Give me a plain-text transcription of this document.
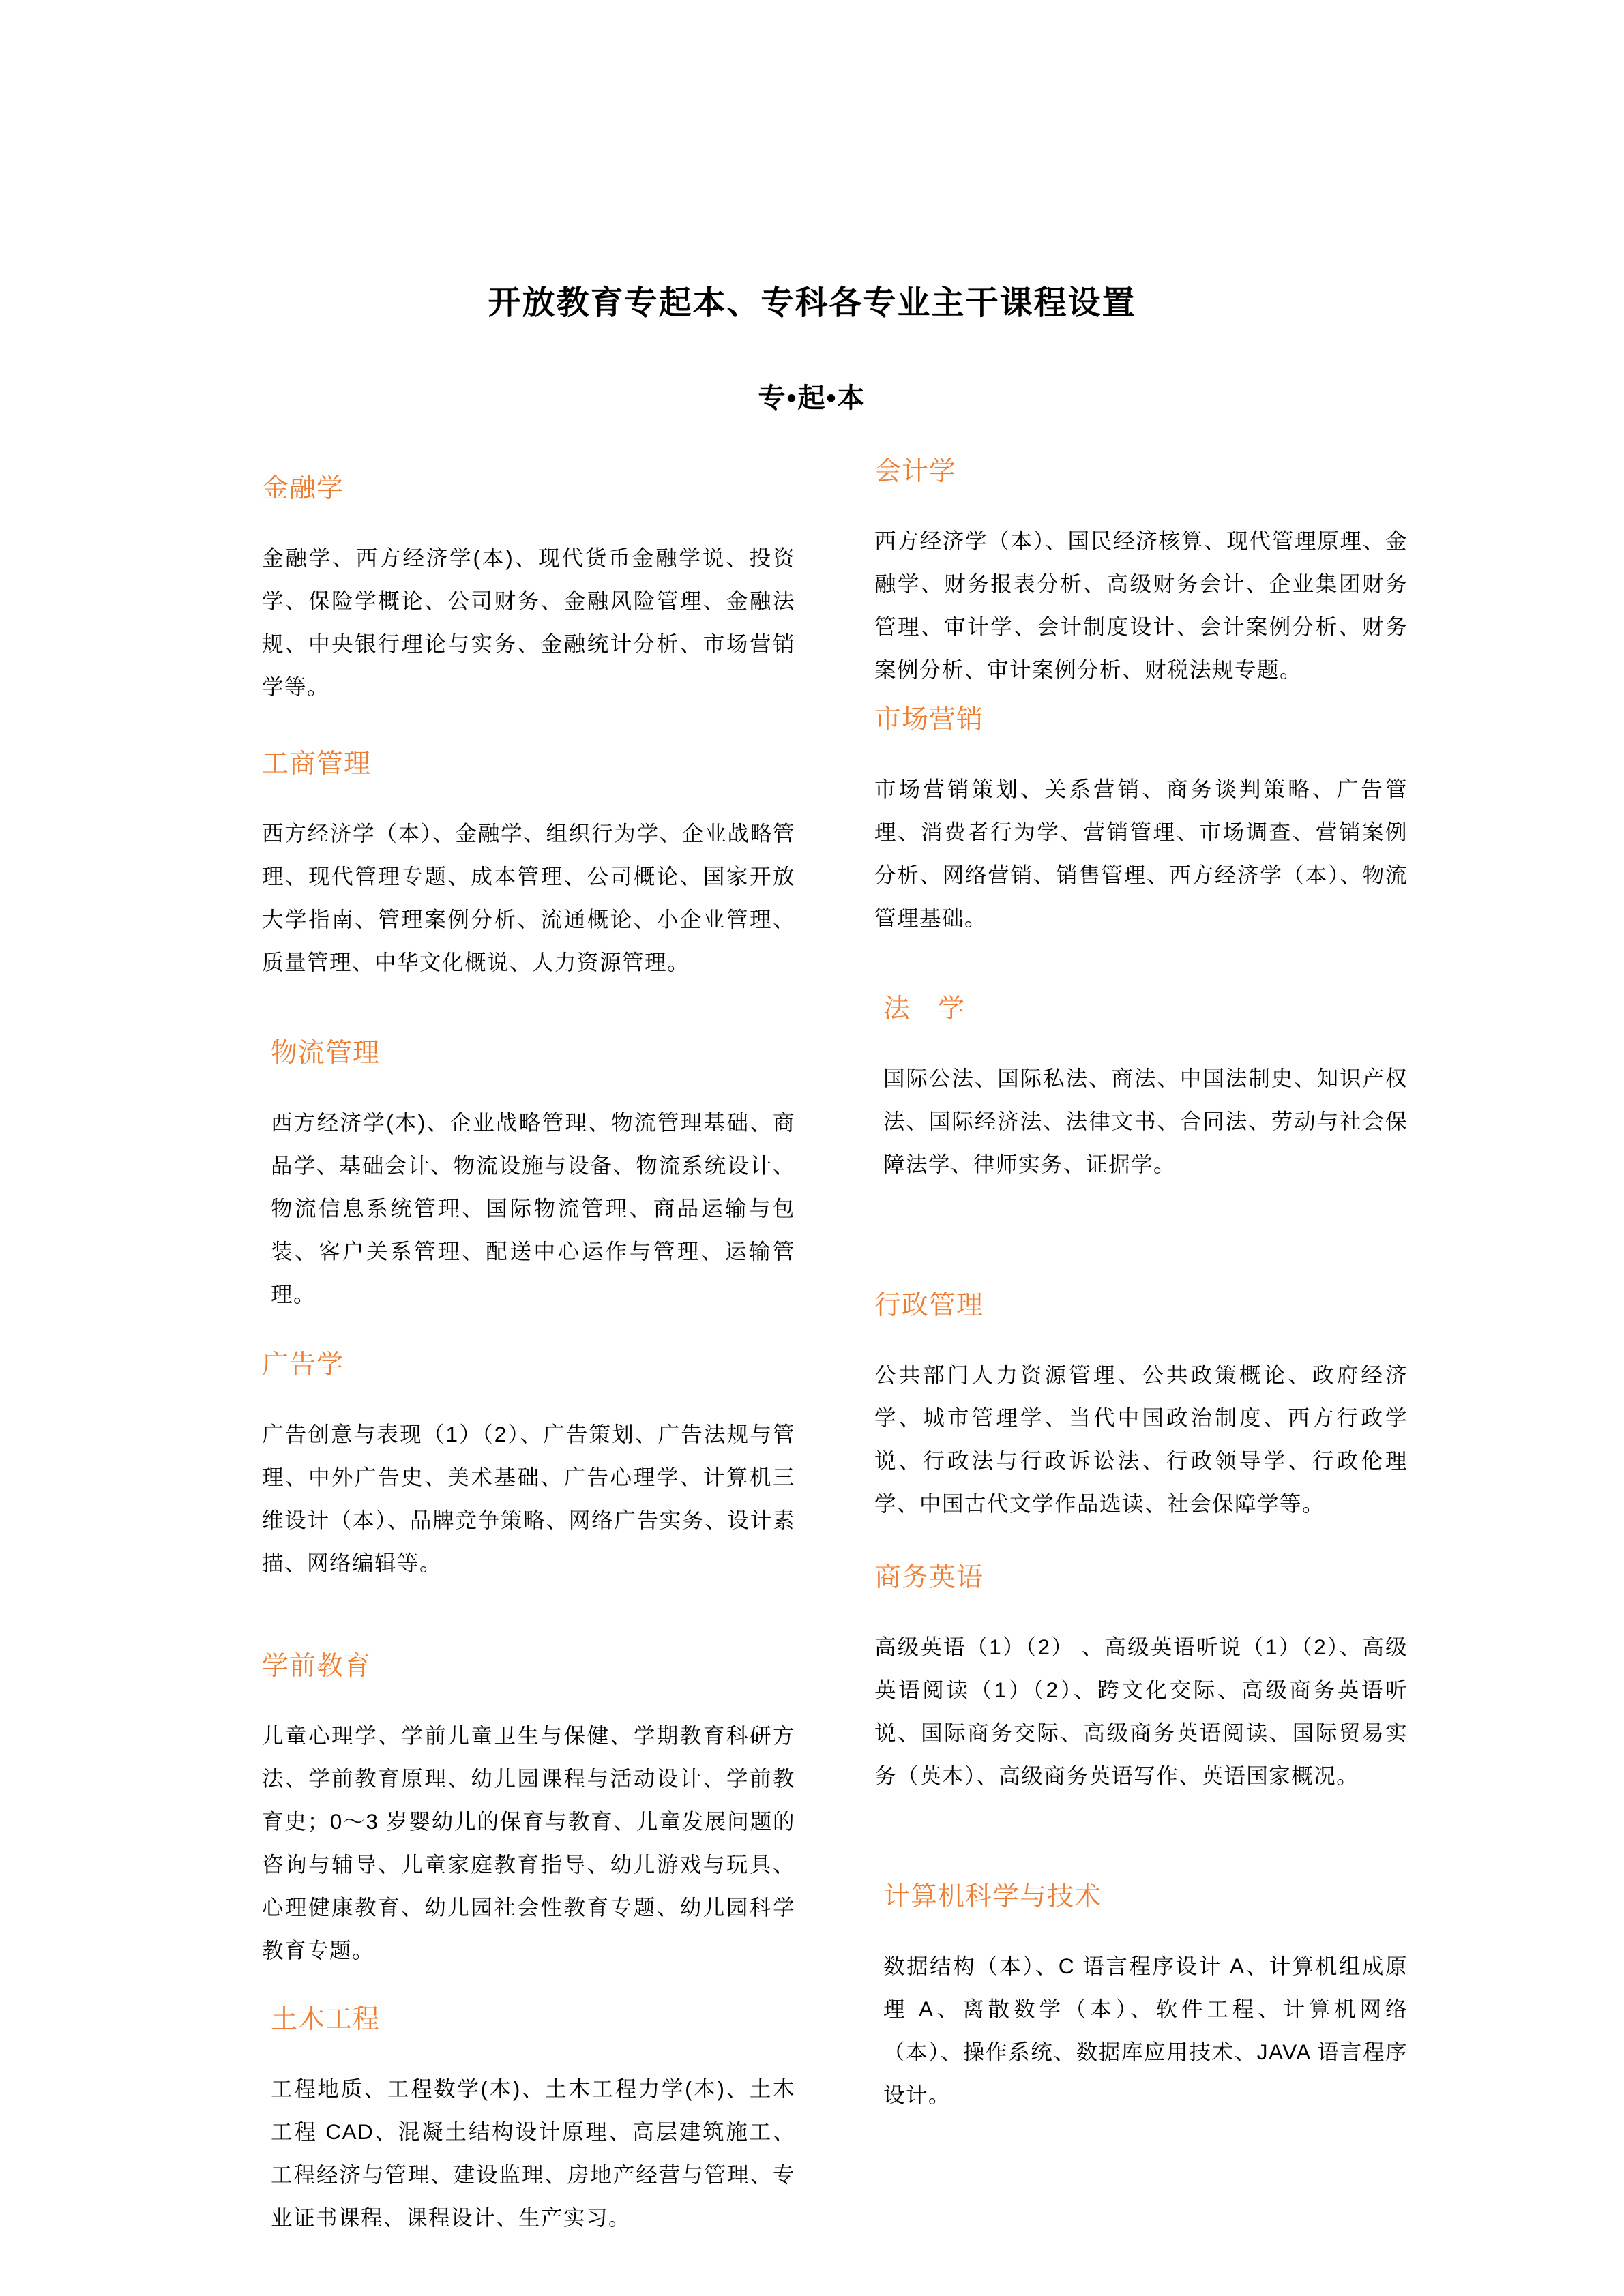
开放教育专起本、专科各专业主干课程设置
专•起•本
金融学

金融学、西方经济学(本)、现代货币金融学说、投资学、保险学概论、公司财务、金融风险管理、金融法规、中央银行理论与实务、金融统计分析、市场营销学等。

工商管理

西方经济学（本）、金融学、组织行为学、企业战略管理、现代管理专题、成本管理、公司概论、国家开放大学指南、管理案例分析、流通概论、小企业管理、质量管理、中华文化概说、人力资源管理。

物流管理

西方经济学(本)、企业战略管理、物流管理基础、商品学、基础会计、物流设施与设备、物流系统设计、物流信息系统管理、国际物流管理、商品运输与包装、客户关系管理、配送中心运作与管理、运输管理。

广告学

广告创意与表现（1）（2）、广告策划、广告法规与管理、中外广告史、美术基础、广告心理学、计算机三维设计（本）、品牌竞争策略、网络广告实务、设计素描、网络编辑等。

学前教育

儿童心理学、学前儿童卫生与保健、学期教育科研方法、学前教育原理、幼儿园课程与活动设计、学前教育史；0～3 岁婴幼儿的保育与教育、儿童发展问题的咨询与辅导、儿童家庭教育指导、幼儿游戏与玩具、心理健康教育、幼儿园社会性教育专题、幼儿园科学教育专题。

土木工程

工程地质、工程数学(本)、土木工程力学(本)、土木工程 CAD、混凝土结构设计原理、高层建筑施工、工程经济与管理、建设监理、房地产经营与管理、专业证书课程、课程设计、生产实习。

会计学

西方经济学（本）、国民经济核算、现代管理原理、金融学、财务报表分析、高级财务会计、企业集团财务管理、审计学、会计制度设计、会计案例分析、财务案例分析、审计案例分析、财税法规专题。

市场营销

市场营销策划、关系营销、商务谈判策略、广告管理、消费者行为学、营销管理、市场调查、营销案例分析、网络营销、销售管理、西方经济学（本）、物流管理基础。

法　学

国际公法、国际私法、商法、中国法制史、知识产权法、国际经济法、法律文书、合同法、劳动与社会保障法学、律师实务、证据学。

行政管理

公共部门人力资源管理、公共政策概论、政府经济学、城市管理学、当代中国政治制度、西方行政学说、行政法与行政诉讼法、行政领导学、行政伦理学、中国古代文学作品选读、社会保障学等。

商务英语

高级英语（1）（2） 、高级英语听说（1）（2）、高级英语阅读（1）（2）、跨文化交际、高级商务英语听说、国际商务交际、高级商务英语阅读、国际贸易实务（英本）、高级商务英语写作、英语国家概况。

计算机科学与技术

数据结构（本）、C 语言程序设计 A、计算机组成原理 A、离散数学（本）、软件工程、计算机网络（本）、操作系统、数据库应用技术、JAVA 语言程序设计。
